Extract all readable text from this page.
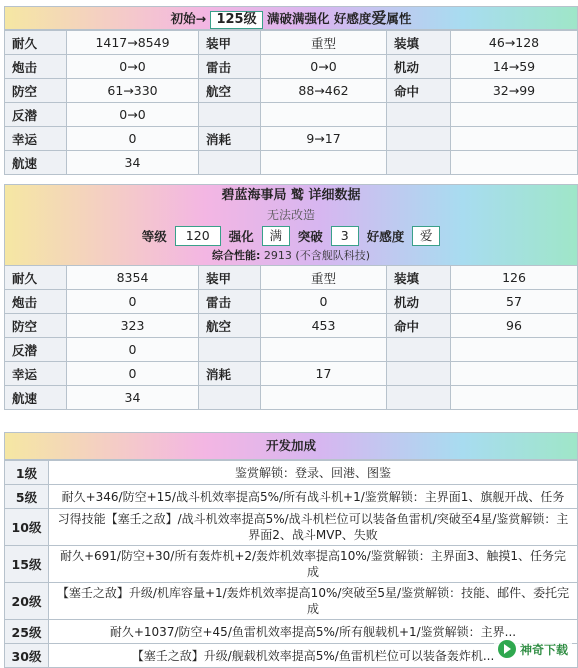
初始→ 125级 满破满强化 好感度爱属性
耐久	1417→8549	装甲	重型	装填	46→128
炮击	0→0	雷击	0→0	机动	14→59
防空	61→330	航空	88→462	命中	32→99
反潜	0→0				
幸运	0	消耗	9→17		
航速	34				
碧蓝海事局 鹫 详细数据
无法改造
等级	120	强化	满	突破	3	好感度	爱
综合性能: 2913 (不含舰队科技)
耐久	8354	装甲	重型	装填	126
炮击	0	雷击	0	机动	57
防空	323	航空	453	命中	96
反潜	0				
幸运	0	消耗	17		
航速	34				
开发加成
1级	鉴赏解锁：登录、回港、图鉴
5级	耐久+346/防空+15/战斗机效率提高5%/所有战斗机+1/鉴赏解锁：主界面1、旗舰开战、任务
10级	习得技能【塞壬之敌】/战斗机效率提高5%/战斗机栏位可以装备鱼雷机/突破至4星/鉴赏解锁：主界面2、战斗MVP、失败
15级	耐久+691/防空+30/所有轰炸机+2/轰炸机效率提高10%/鉴赏解锁：主界面3、触摸1、任务完成
20级	【塞壬之敌】升级/机库容量+1/轰炸机效率提高10%/突破至5星/鉴赏解锁：技能、邮件、委托完成
25级	耐久+1037/防空+45/鱼雷机效率提高5%/所有舰载机+1/鉴赏解锁：主界...
30级	【塞壬之敌】升级/舰载机效率提高5%/鱼雷机栏位可以装备轰炸机... 神奇下载
